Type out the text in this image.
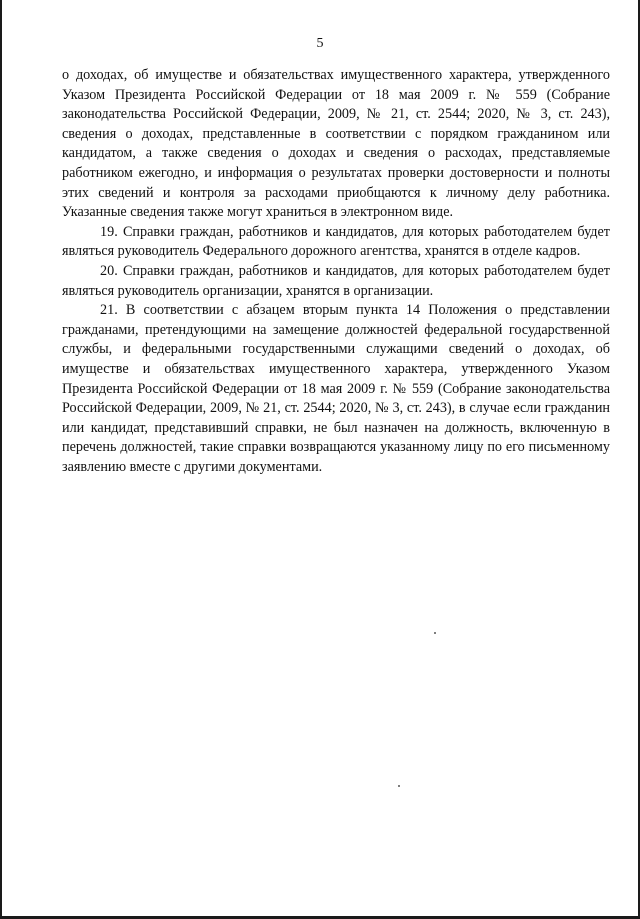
5

о доходах, об имуществе и обязательствах имущественного характера, утвержденного Указом Президента Российской Федерации от 18 мая 2009 г. № 559 (Собрание законодательства Российской Федерации, 2009, № 21, ст. 2544; 2020, № 3, ст. 243), сведения о доходах, представленные в соответствии с порядком гражданином или кандидатом, а также сведения о доходах и сведения о расходах, представляемые работником ежегодно, и информация о результатах проверки достоверности и полноты этих сведений и контроля за расходами приобщаются к личному делу работника. Указанные сведения также могут храниться в электронном виде.

19. Справки граждан, работников и кандидатов, для которых работодателем будет являться руководитель Федерального дорожного агентства, хранятся в отделе кадров.

20. Справки граждан, работников и кандидатов, для которых работодателем будет являться руководитель организации, хранятся в организации.

21. В соответствии с абзацем вторым пункта 14 Положения о представлении гражданами, претендующими на замещение должностей федеральной государственной службы, и федеральными государственными служащими сведений о доходах, об имуществе и обязательствах имущественного характера, утвержденного Указом Президента Российской Федерации от 18 мая 2009 г. № 559 (Собрание законодательства Российской Федерации, 2009, № 21, ст. 2544; 2020, № 3, ст. 243), в случае если гражданин или кандидат, представивший справки, не был назначен на должность, включенную в перечень должностей, такие справки возвращаются указанному лицу по его письменному заявлению вместе с другими документами.
